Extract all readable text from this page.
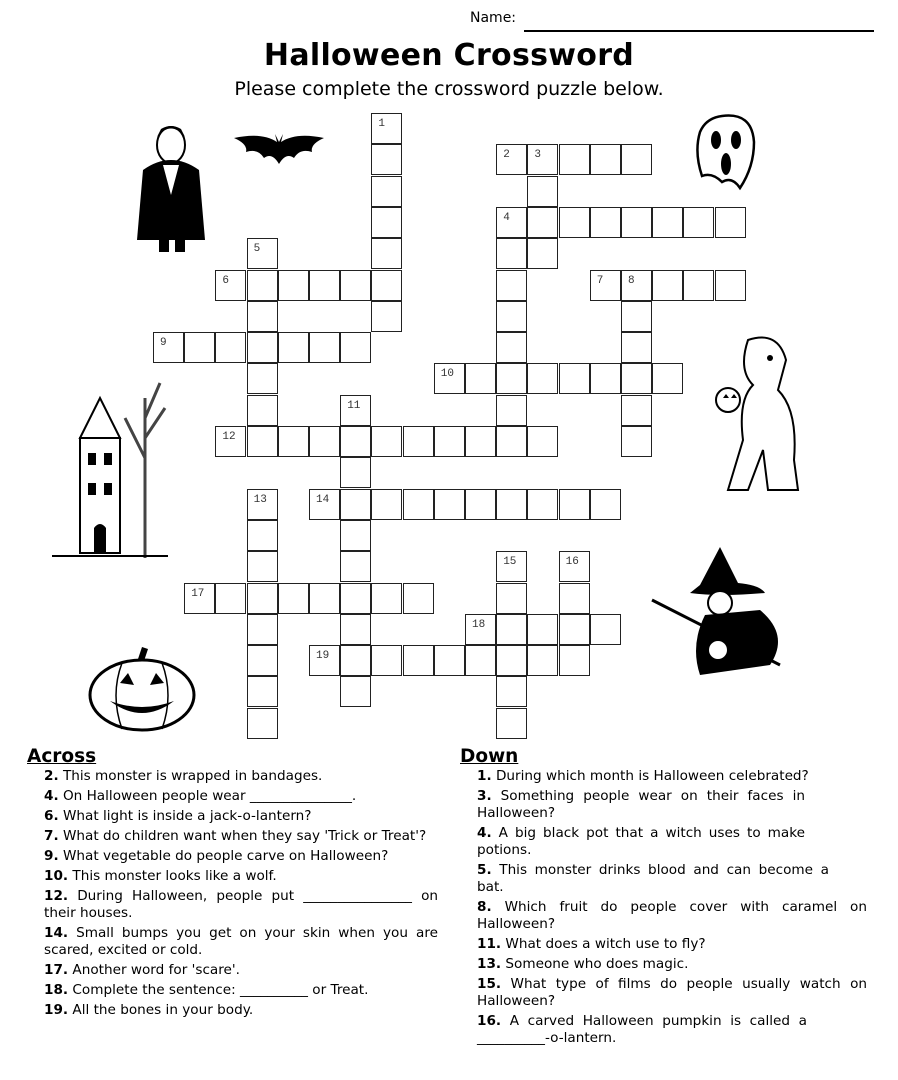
Name:
Halloween Crossword
Please complete the crossword puzzle below.
1
2 3
4
5
6	7 8
9
10
11
12
13	14
15	16
17
18
19
Across
2. This monster is wrapped in bandages.
4. On Halloween people wear _______________.
6. What light is inside a jack-o-lantern?
7. What do children want when they say 'Trick or Treat'?
9. What vegetable do people carve on Halloween?
10. This monster looks like a wolf.
12. During Halloween, people put ________________ on their houses.
14. Small bumps you get on your skin when you are scared, excited or cold.
17. Another word for 'scare'.
18. Complete the sentence: __________ or Treat.
19. All the bones in your body.
Down
1. During which month is Halloween celebrated?
3. Something people wear on their faces in Halloween?
4. A big black pot that a witch uses to make potions.
5. This monster drinks blood and can become a bat.
8. Which fruit do people cover with caramel on Halloween?
11. What does a witch use to fly?
13. Someone who does magic.
15. What type of films do people usually watch on Halloween?
16. A carved Halloween pumpkin is called a __________-o-lantern.
